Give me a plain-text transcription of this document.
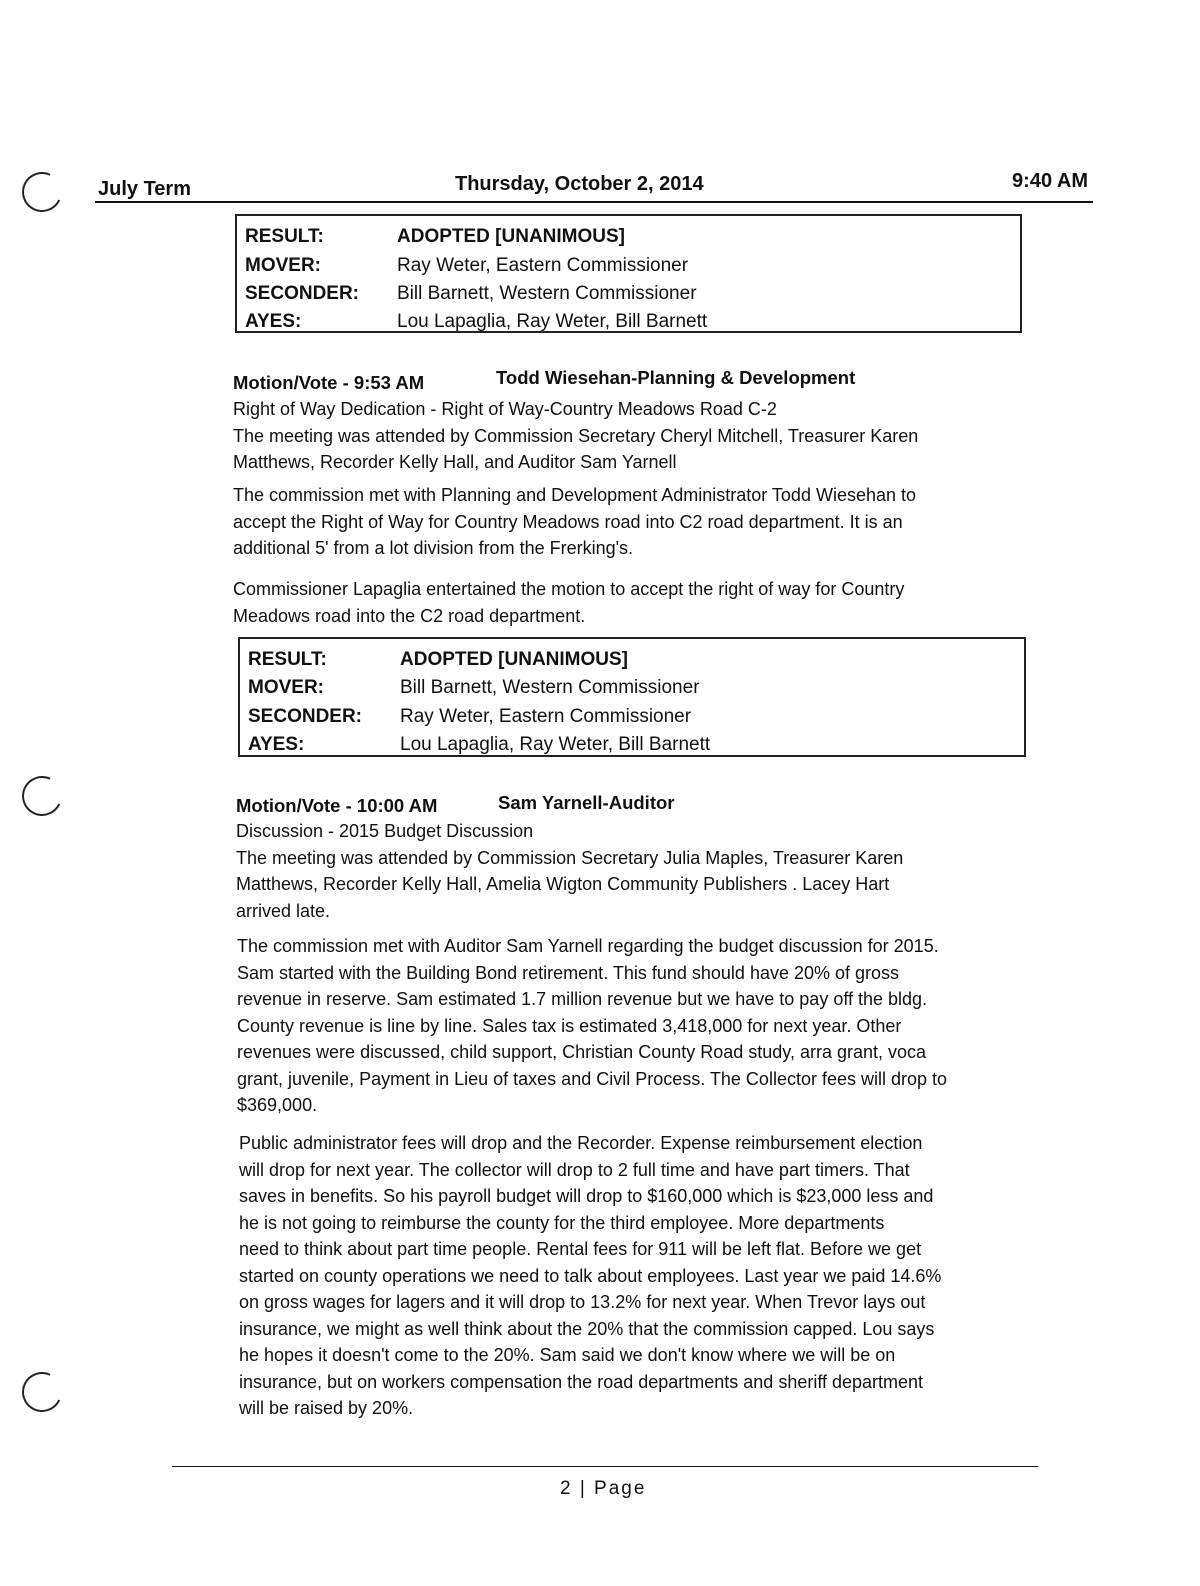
July Term	Thursday, October 2, 2014	9:40 AM
RESULT:	ADOPTED [UNANIMOUS]
MOVER:	Ray Weter, Eastern Commissioner
SECONDER: Bill Barnett, Western Commissioner
AYES:	Lou Lapaglia, Ray Weter, Bill Barnett
Motion/Vote - 9:53 AM	Todd Wiesehan-Planning & Development
Right of Way Dedication - Right of Way-Country Meadows Road C-2
The meeting was attended by Commission Secretary Cheryl Mitchell, Treasurer Karen
Matthews, Recorder Kelly Hall, and Auditor Sam Yarnell
The commission met with Planning and Development Administrator Todd Wiesehan to
accept the Right of Way for Country Meadows road into C2 road department. It is an
additional 5' from a lot division from the Frerking's.
Commissioner Lapaglia entertained the motion to accept the right of way for Country
Meadows road into the C2 road department.
RESULT:	ADOPTED [UNANIMOUS]
MOVER:	Bill Barnett, Western Commissioner
SECONDER: Ray Weter, Eastern Commissioner
AYES:	Lou Lapaglia, Ray Weter, Bill Barnett
Motion/Vote - 10:00 AM	Sam Yarnell-Auditor
Discussion - 2015 Budget Discussion
The meeting was attended by Commission Secretary Julia Maples, Treasurer Karen
Matthews, Recorder Kelly Hall, Amelia Wigton Community Publishers . Lacey Hart
arrived late.
The commission met with Auditor Sam Yarnell regarding the budget discussion for 2015.
Sam started with the Building Bond retirement. This fund should have 20% of gross
revenue in reserve. Sam estimated 1.7 million revenue but we have to pay off the bldg.
County revenue is line by line. Sales tax is estimated 3,418,000 for next year. Other
revenues were discussed, child support, Christian County Road study, arra grant, voca
grant, juvenile, Payment in Lieu of taxes and Civil Process. The Collector fees will drop to
$369,000.
Public administrator fees will drop and the Recorder. Expense reimbursement election
will drop for next year. The collector will drop to 2 full time and have part timers. That
saves in benefits. So his payroll budget will drop to $160,000 which is $23,000 less and
he is not going to reimburse the county for the third employee. More departments
need to think about part time people. Rental fees for 911 will be left flat. Before we get
started on county operations we need to talk about employees. Last year we paid 14.6%
on gross wages for lagers and it will drop to 13.2% for next year. When Trevor lays out
insurance, we might as well think about the 20% that the commission capped. Lou says
he hopes it doesn't come to the 20%. Sam said we don't know where we will be on
insurance, but on workers compensation the road departments and sheriff department
will be raised by 20%.
2 | Page
